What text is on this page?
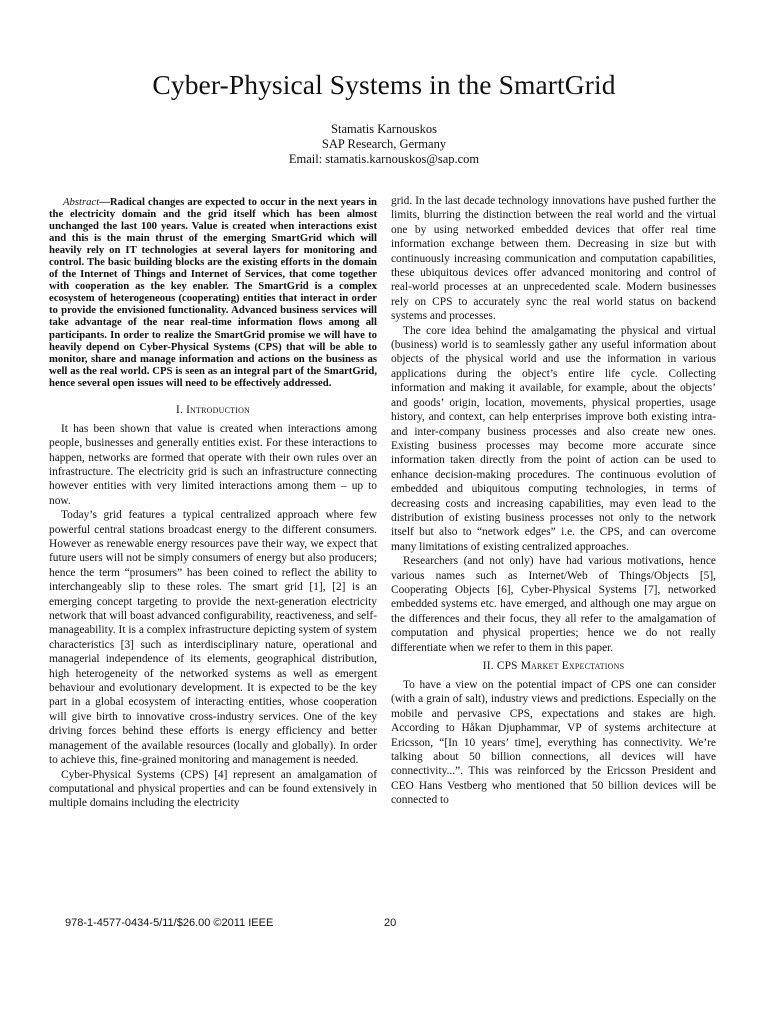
Cyber-Physical Systems in the SmartGrid
Stamatis Karnouskos
SAP Research, Germany
Email: stamatis.karnouskos@sap.com
Abstract—Radical changes are expected to occur in the next years in the electricity domain and the grid itself which has been almost unchanged the last 100 years. Value is created when interactions exist and this is the main thrust of the emerging SmartGrid which will heavily rely on IT technologies at several layers for monitoring and control. The basic building blocks are the existing efforts in the domain of the Internet of Things and Internet of Services, that come together with cooperation as the key enabler. The SmartGrid is a complex ecosystem of heterogeneous (cooperating) entities that interact in order to provide the envisioned functionality. Advanced business services will take advantage of the near real-time information flows among all participants. In order to realize the SmartGrid promise we will have to heavily depend on Cyber-Physical Systems (CPS) that will be able to monitor, share and manage information and actions on the business as well as the real world. CPS is seen as an integral part of the SmartGrid, hence several open issues will need to be effectively addressed.
I. Introduction

It has been shown that value is created when interactions among people, businesses and generally entities exist. For these interactions to happen, networks are formed that operate with their own rules over an infrastructure. The electricity grid is such an infrastructure connecting however entities with very limited interactions among them – up to now.

Today’s grid features a typical centralized approach where few powerful central stations broadcast energy to the different consumers. However as renewable energy resources pave their way, we expect that future users will not be simply consumers of energy but also producers; hence the term “prosumers” has been coined to reflect the ability to interchangeably slip to these roles. The smart grid [1], [2] is an emerging concept targeting to provide the next-generation electricity network that will boast advanced configurability, reactiveness, and self-manageability. It is a complex infrastructure depicting system of system characteristics [3] such as interdisciplinary nature, operational and managerial independence of its elements, geographical distribution, high heterogeneity of the networked systems as well as emergent behaviour and evolutionary development. It is expected to be the key part in a global ecosystem of interacting entities, whose cooperation will give birth to innovative cross-industry services. One of the key driving forces behind these efforts is energy efficiency and better management of the available resources (locally and globally). In order to achieve this, fine-grained monitoring and management is needed.

Cyber-Physical Systems (CPS) [4] represent an amalgamation of computational and physical properties and can be found extensively in multiple domains including the electricity

grid. In the last decade technology innovations have pushed further the limits, blurring the distinction between the real world and the virtual one by using networked embedded devices that offer real time information exchange between them. Decreasing in size but with continuously increasing communication and computation capabilities, these ubiquitous devices offer advanced monitoring and control of real-world processes at an unprecedented scale. Modern businesses rely on CPS to accurately sync the real world status on backend systems and processes.

The core idea behind the amalgamating the physical and virtual (business) world is to seamlessly gather any useful information about objects of the physical world and use the information in various applications during the object’s entire life cycle. Collecting information and making it available, for example, about the objects’ and goods’ origin, location, movements, physical properties, usage history, and context, can help enterprises improve both existing intra- and inter-company business processes and also create new ones. Existing business processes may become more accurate since information taken directly from the point of action can be used to enhance decision-making procedures. The continuous evolution of embedded and ubiquitous computing technologies, in terms of decreasing costs and increasing capabilities, may even lead to the distribution of existing business processes not only to the network itself but also to “network edges” i.e. the CPS, and can overcome many limitations of existing centralized approaches.

Researchers (and not only) have had various motivations, hence various names such as Internet/Web of Things/Objects [5], Cooperating Objects [6], Cyber-Physical Systems [7], networked embedded systems etc. have emerged, and although one may argue on the differences and their focus, they all refer to the amalgamation of computation and physical properties; hence we do not really differentiate when we refer to them in this paper.

II. CPS Market Expectations

To have a view on the potential impact of CPS one can consider (with a grain of salt), industry views and predictions. Especially on the mobile and pervasive CPS, expectations and stakes are high. According to Håkan Djuphammar, VP of systems architecture at Ericsson, “[In 10 years’ time], everything has connectivity. We’re talking about 50 billion connections, all devices will have connectivity...”. This was reinforced by the Ericsson President and CEO Hans Vestberg who mentioned that 50 billion devices will be connected to

978-1-4577-0434-5/11/$26.00 ©2011 IEEE	20
